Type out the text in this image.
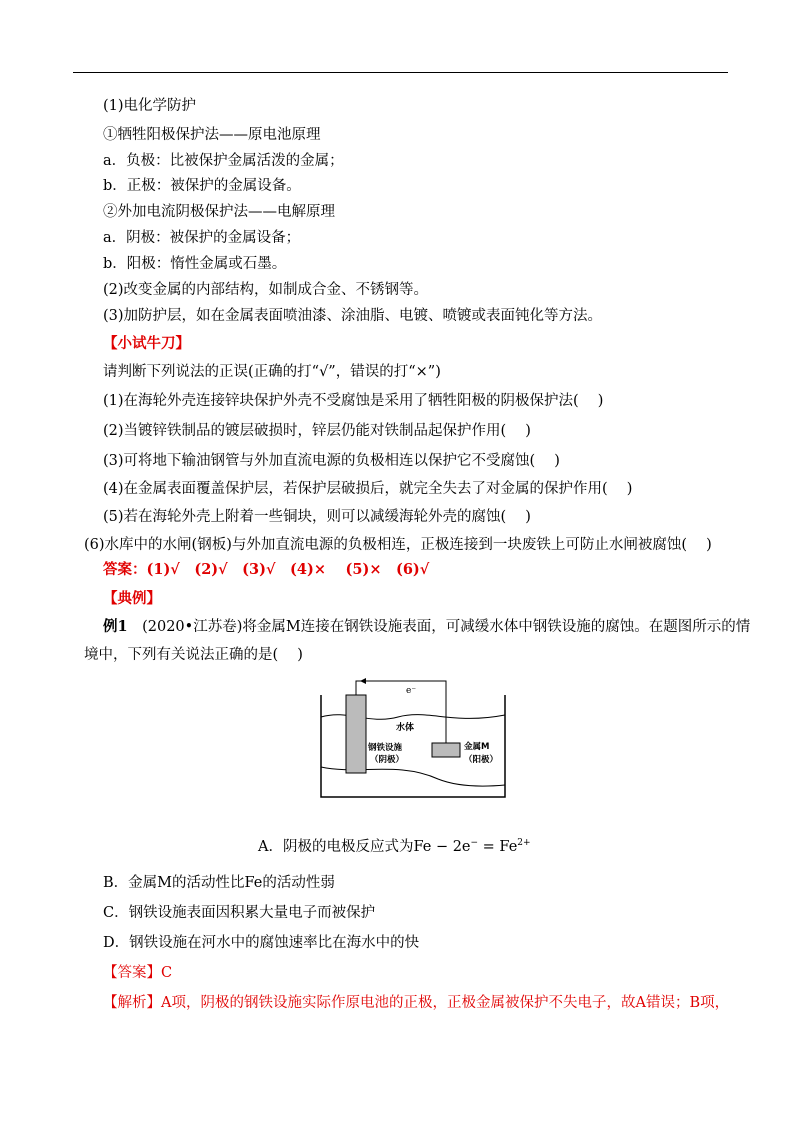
(1)电化学防护
①牺牲阳极保护法——原电池原理
a．负极：比被保护金属活泼的金属；
b．正极：被保护的金属设备。
②外加电流阴极保护法——电解原理
a．阴极：被保护的金属设备；
b．阳极：惰性金属或石墨。
(2)改变金属的内部结构，如制成合金、不锈钢等。
(3)加防护层，如在金属表面喷油漆、涂油脂、电镀、喷镀或表面钝化等方法。
【小试牛刀】
请判断下列说法的正误(正确的打“√”，错误的打“×”)
(1)在海轮外壳连接锌块保护外壳不受腐蚀是采用了牺牲阳极的阴极保护法(　 )
(2)当镀锌铁制品的镀层破损时，锌层仍能对铁制品起保护作用(　 )
(3)可将地下输油钢管与外加直流电源的负极相连以保护它不受腐蚀(　 )
(4)在金属表面覆盖保护层，若保护层破损后，就完全失去了对金属的保护作用(　 )
(5)若在海轮外壳上附着一些铜块，则可以减缓海轮外壳的腐蚀(　 )
(6)水库中的水闸(钢板)与外加直流电源的负极相连，正极连接到一块废铁上可防止水闸被腐蚀(　 )
答案：(1)√　(2)√　(3)√　(4)×　 (5)×　(6)√
【典例】
例1　(2020•江苏卷)将金属M连接在钢铁设施表面，可减缓水体中钢铁设施的腐蚀。在题图所示的情
境中，下列有关说法正确的是(　 )
e⁻
水体
钢铁设施
（阴极）
金属M
（阳极）
A．阴极的电极反应式为$Fe - 2e^- = Fe^{2+}$
B．金属M的活动性比Fe的活动性弱
C．钢铁设施表面因积累大量电子而被保护
D．钢铁设施在河水中的腐蚀速率比在海水中的快
【答案】C
【解析】A项，阴极的钢铁设施实际作原电池的正极，正极金属被保护不失电子，故A错误；B项，
